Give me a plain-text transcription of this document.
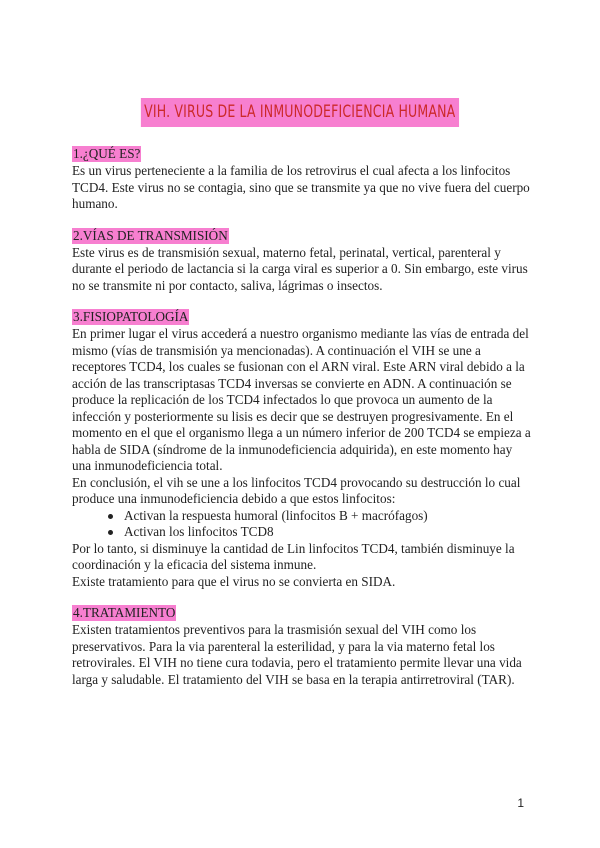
VIH. VIRUS DE LA INMUNODEFICIENCIA HUMANA
1.¿QUÉ ES?

Es un virus perteneciente a la familia de los retrovirus el cual afecta a los linfocitos TCD4. Este virus no se contagia, sino que se transmite ya que no vive fuera del cuerpo humano.

2.VÍAS DE TRANSMISIÓN

Este virus es de transmisión sexual, materno fetal, perinatal, vertical, parenteral y durante el periodo de lactancia si la carga viral es superior a 0. Sin embargo, este virus no se transmite ni por contacto, saliva, lágrimas o insectos.

3.FISIOPATOLOGÍA

En primer lugar el virus accederá a nuestro organismo mediante las vías de entrada del mismo (vías de transmisión ya mencionadas). A continuación el VIH se une a receptores TCD4, los cuales se fusionan con el ARN viral. Este ARN viral debido a la acción de las transcriptasas TCD4 inversas se convierte en ADN. A continuación se produce la replicación de los TCD4 infectados lo que provoca un aumento de la infección y posteriormente su lisis es decir que se destruyen progresivamente. En el momento en el que el organismo llega a un número inferior de 200 TCD4 se empieza a habla de SIDA (síndrome de la inmunodeficiencia adquirida), en este momento hay una inmunodeficiencia total.

En conclusión, el vih se une a los linfocitos TCD4 provocando su destrucción lo cual produce una inmunodeficiencia debido a que estos linfocitos:

Activan la respuesta humoral (linfocitos B + macrófagos)
Activan los linfocitos TCD8

Por lo tanto, si disminuye la cantidad de Lin linfocitos TCD4, también disminuye la coordinación y la eficacia del sistema inmune.

Existe tratamiento para que el virus no se convierta en SIDA.

4.TRATAMIENTO

Existen tratamientos preventivos para la trasmisión sexual del VIH como los preservativos. Para la via parenteral la esterilidad, y para la via materno fetal los retrovirales. El VIH no tiene cura todavia, pero el tratamiento permite llevar una vida larga y saludable. El tratamiento del VIH se basa en la terapia antirretroviral (TAR).

1
